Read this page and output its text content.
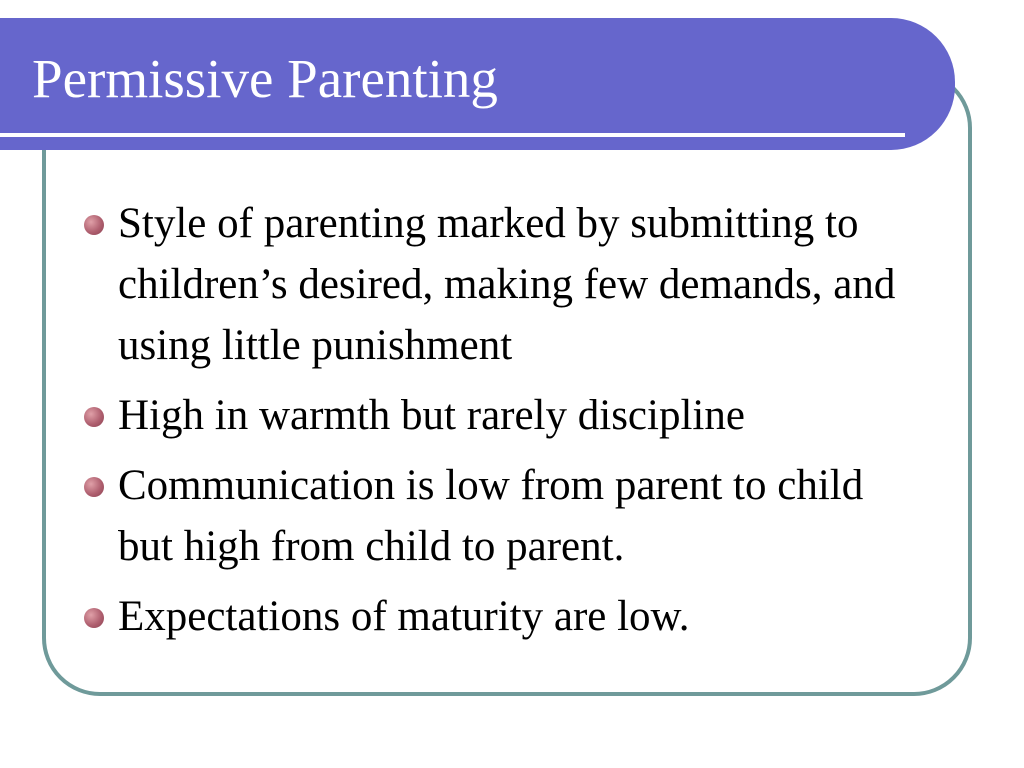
Permissive Parenting
Style of parenting marked by submitting to children’s desired, making few demands, and using little punishment
High in warmth but rarely discipline
Communication is low from parent to child but high from child to parent.
Expectations of maturity are low.
